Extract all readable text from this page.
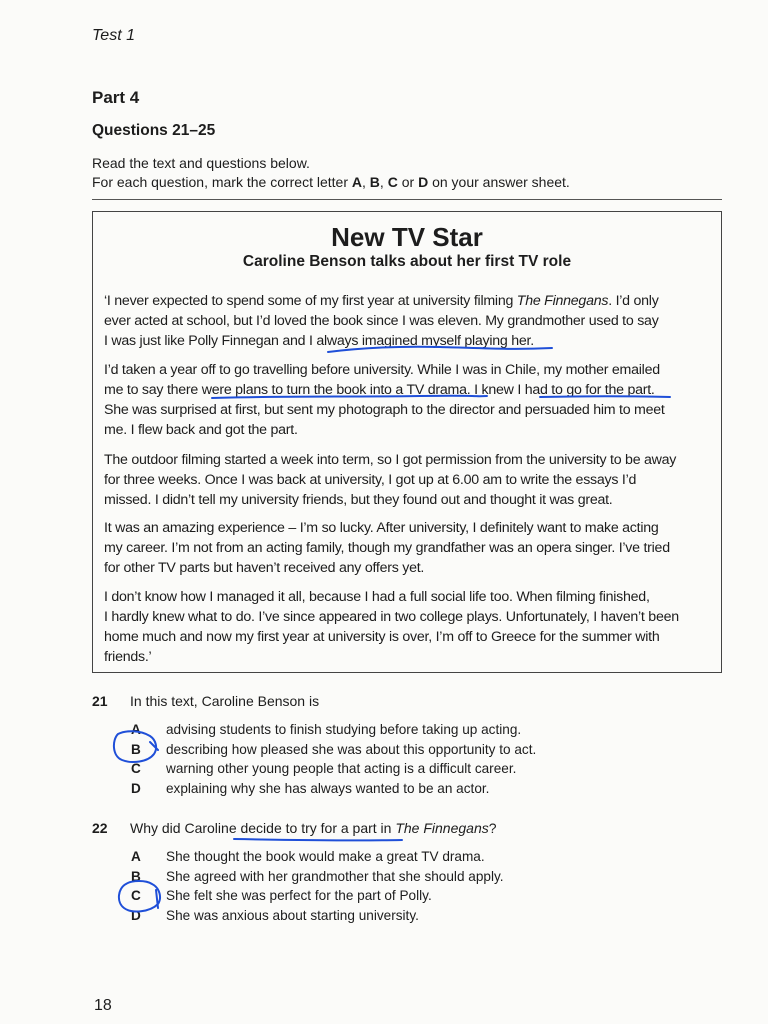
Test 1
Part 4
Questions 21–25
Read the text and questions below.
For each question, mark the correct letter A, B, C or D on your answer sheet.
New TV Star
Caroline Benson talks about her first TV role
‘I never expected to spend some of my first year at university filming The Finnegans. I’d only
ever acted at school, but I’d loved the book since I was eleven. My grandmother used to say
I was just like Polly Finnegan and I always imagined myself playing her.
I’d taken a year off to go travelling before university. While I was in Chile, my mother emailed
me to say there were plans to turn the book into a TV drama. I knew I had to go for the part.
She was surprised at first, but sent my photograph to the director and persuaded him to meet
me. I flew back and got the part.
The outdoor filming started a week into term, so I got permission from the university to be away
for three weeks. Once I was back at university, I got up at 6.00 am to write the essays I’d
missed. I didn’t tell my university friends, but they found out and thought it was great.
It was an amazing experience – I’m so lucky. After university, I definitely want to make acting
my career. I’m not from an acting family, though my grandfather was an opera singer. I’ve tried
for other TV parts but haven’t received any offers yet.
I don’t know how I managed it all, because I had a full social life too. When filming finished,
I hardly knew what to do. I’ve since appeared in two college plays. Unfortunately, I haven’t been
home much and now my first year at university is over, I’m off to Greece for the summer with
friends.’
21 In this text, Caroline Benson is
A advising students to finish studying before taking up acting.
B describing how pleased she was about this opportunity to act.
C warning other young people that acting is a difficult career.
D explaining why she has always wanted to be an actor.
22 Why did Caroline decide to try for a part in The Finnegans?
A She thought the book would make a great TV drama.
B She agreed with her grandmother that she should apply.
C She felt she was perfect for the part of Polly.
D She was anxious about starting university.
18
